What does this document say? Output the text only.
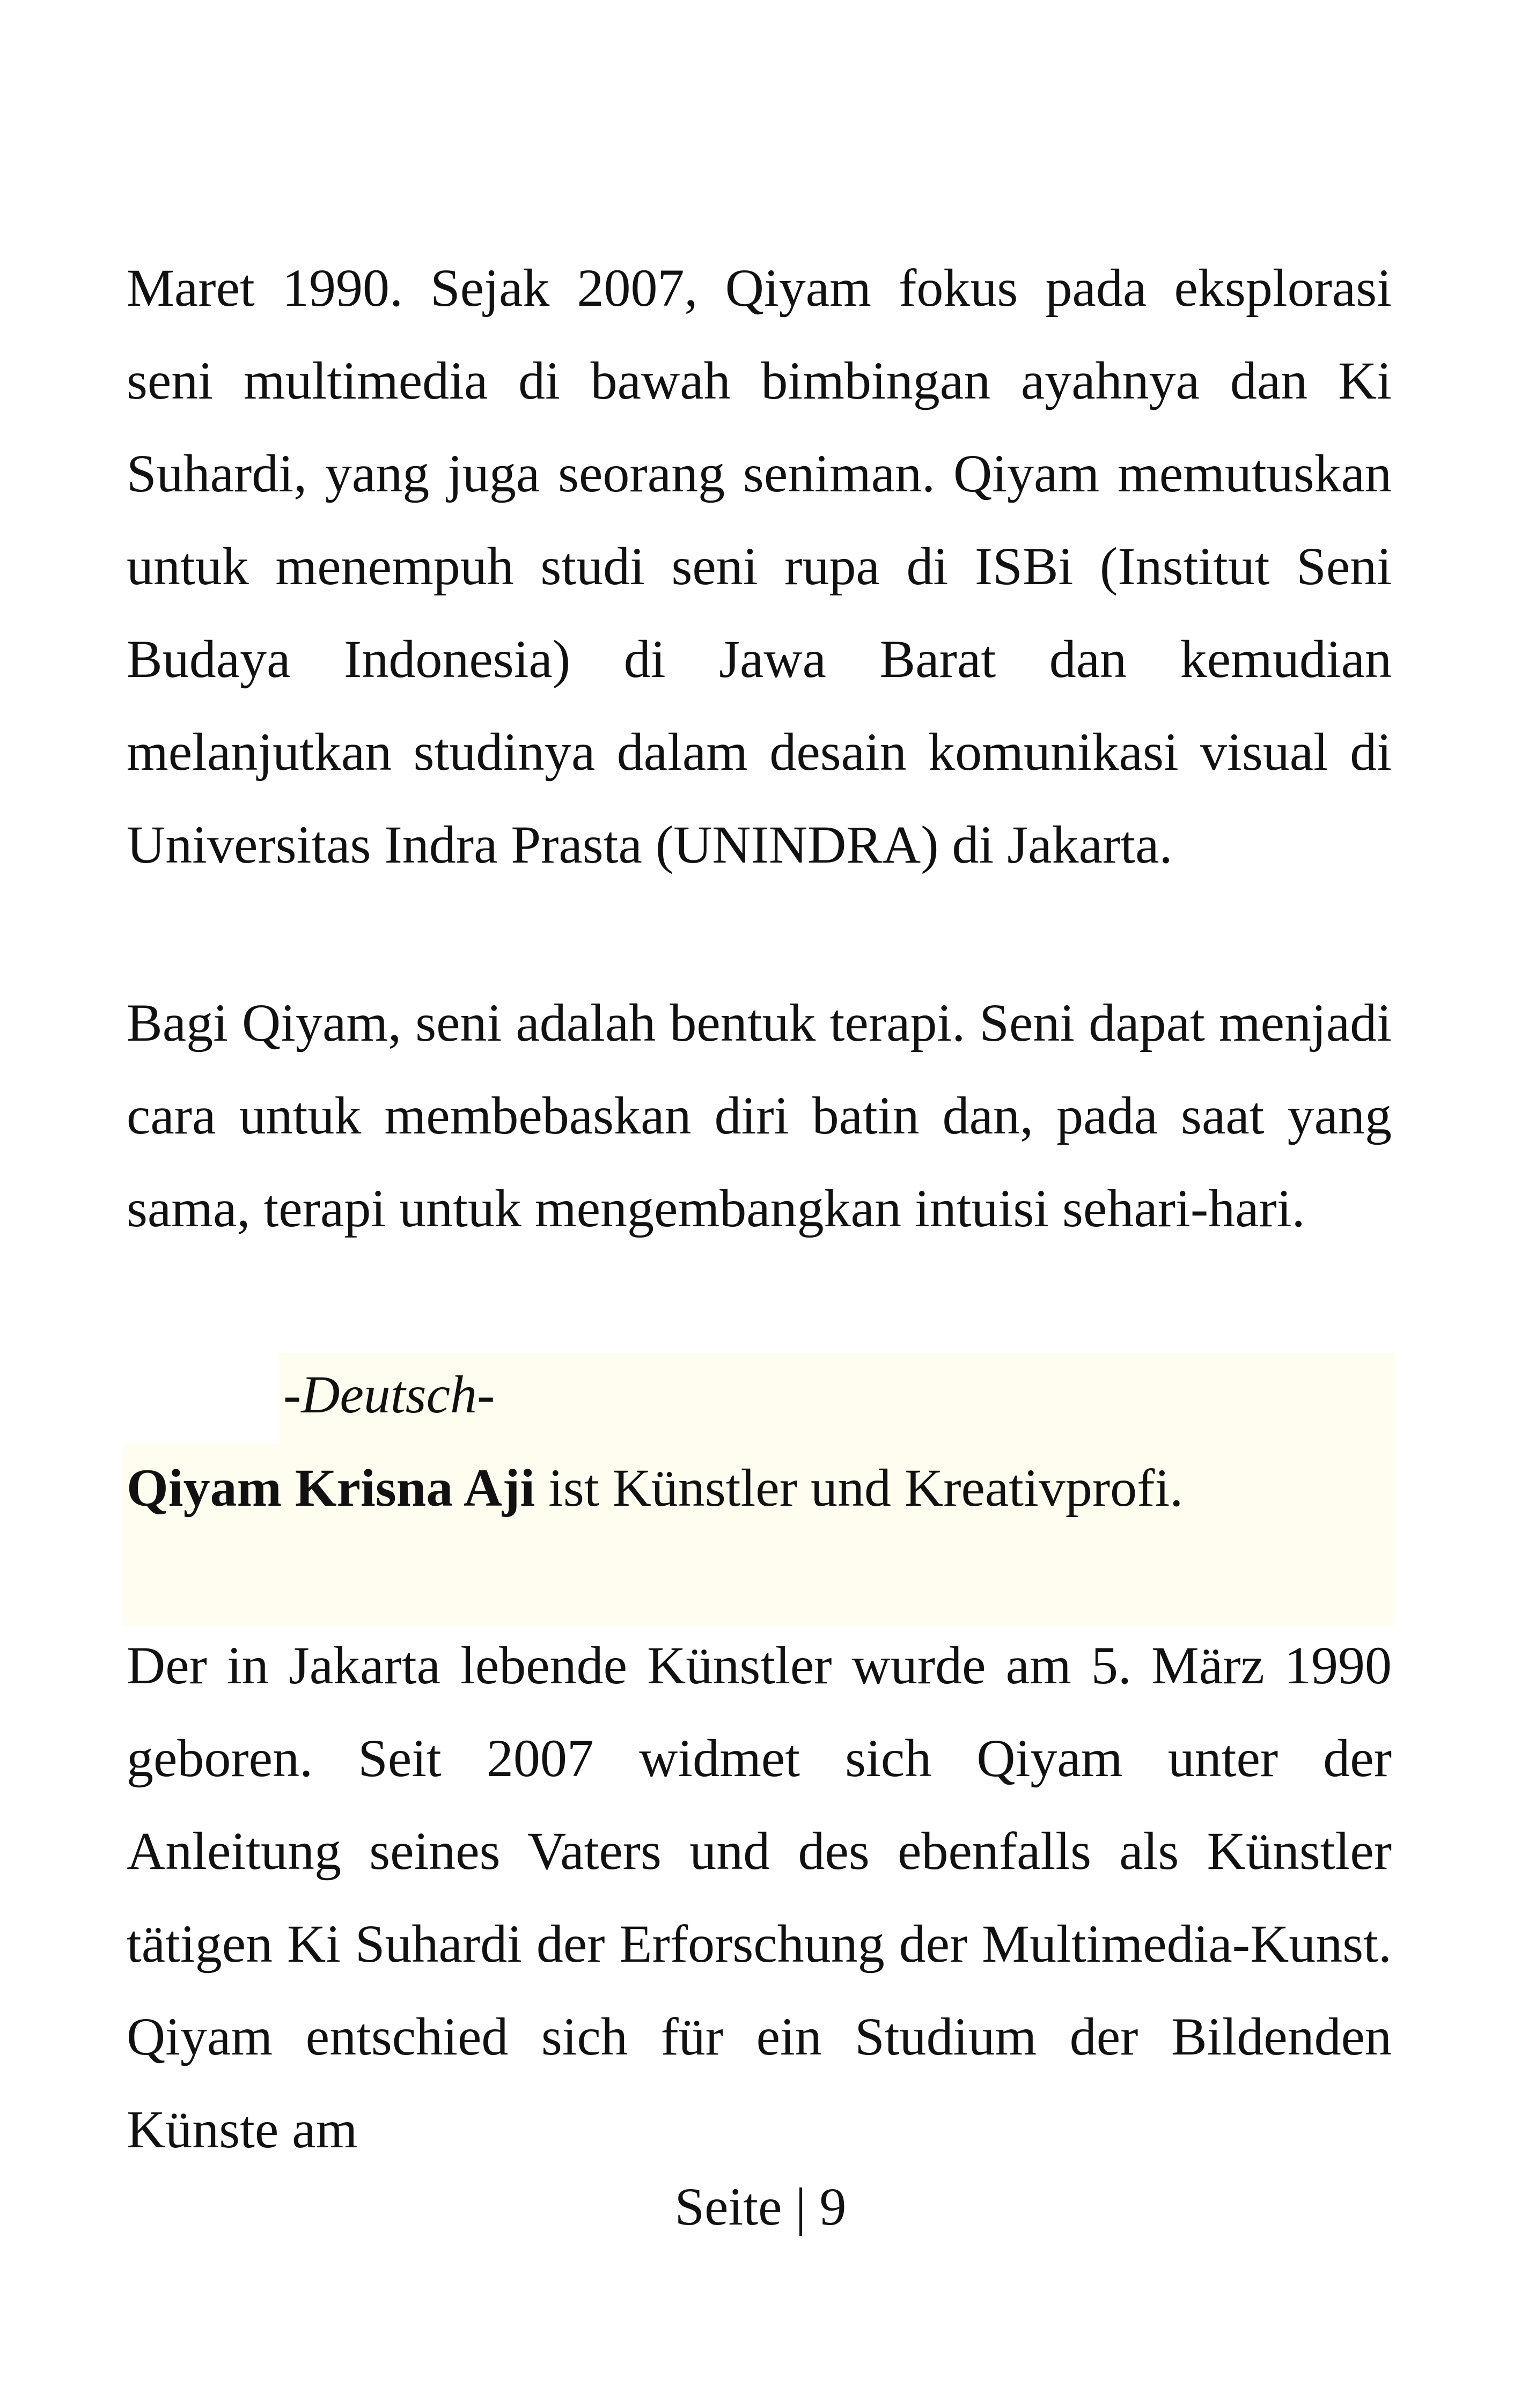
Maret 1990. Sejak 2007, Qiyam fokus pada eksplorasi seni multimedia di bawah bimbingan ayahnya dan Ki Suhardi, yang juga seorang seniman. Qiyam memutuskan untuk menempuh studi seni rupa di ISBi (Institut Seni Budaya Indonesia) di Jawa Barat dan kemudian melanjutkan studinya dalam desain komunikasi visual di Universitas Indra Prasta (UNINDRA) di Jakarta.

Bagi Qiyam, seni adalah bentuk terapi. Seni dapat menjadi cara untuk membebaskan diri batin dan, pada saat yang sama, terapi untuk mengembangkan intuisi sehari-hari.

-Deutsch-

Qiyam Krisna Aji ist Künstler und Kreativprofi.

Der in Jakarta lebende Künstler wurde am 5. März 1990 geboren. Seit 2007 widmet sich Qiyam unter der Anleitung seines Vaters und des ebenfalls als Künstler tätigen Ki Suhardi der Erforschung der Multimedia-Kunst. Qiyam entschied sich für ein Studium der Bildenden Künste am

Seite | 9
